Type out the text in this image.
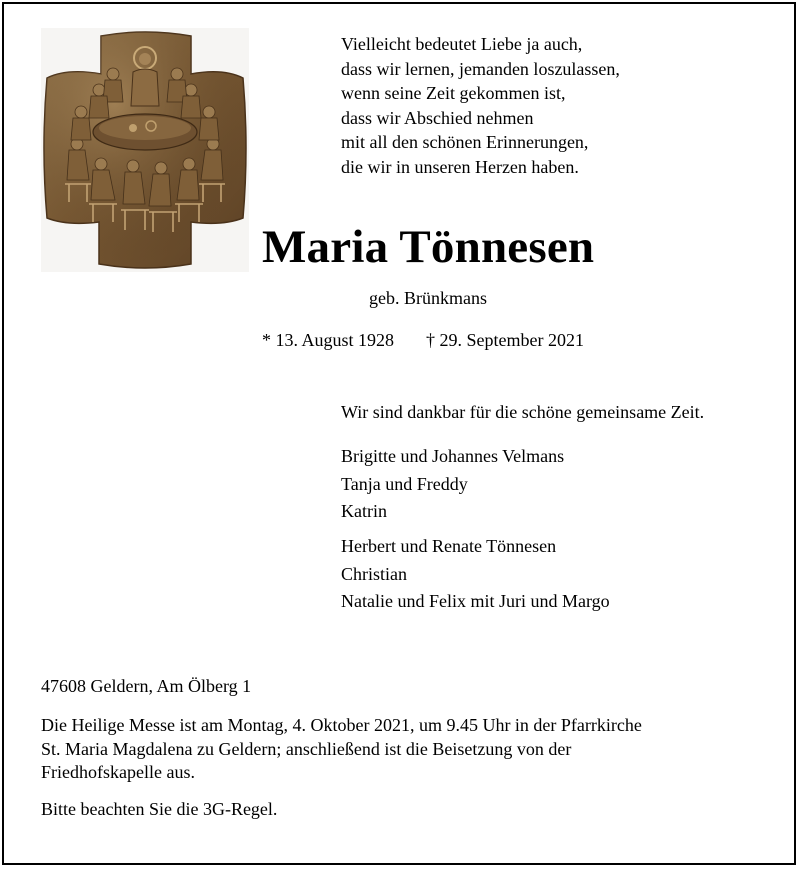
Vielleicht bedeutet Liebe ja auch,
dass wir lernen, jemanden loszulassen,
wenn seine Zeit gekommen ist,
dass wir Abschied nehmen
mit all den schönen Erinnerungen,
die wir in unseren Herzen haben.
Maria Tönnesen
geb. Brünkmans
* 13. August 1928 † 29. September 2021
Wir sind dankbar für die schöne gemeinsame Zeit.
Brigitte und Johannes Velmans
Tanja und Freddy
Katrin
Herbert und Renate Tönnesen
Christian
Natalie und Felix mit Juri und Margo
47608 Geldern, Am Ölberg 1
Die Heilige Messe ist am Montag, 4. Oktober 2021, um 9.45 Uhr in der Pfarrkirche
St. Maria Magdalena zu Geldern; anschließend ist die Beisetzung von der
Friedhofskapelle aus.
Bitte beachten Sie die 3G-Regel.
